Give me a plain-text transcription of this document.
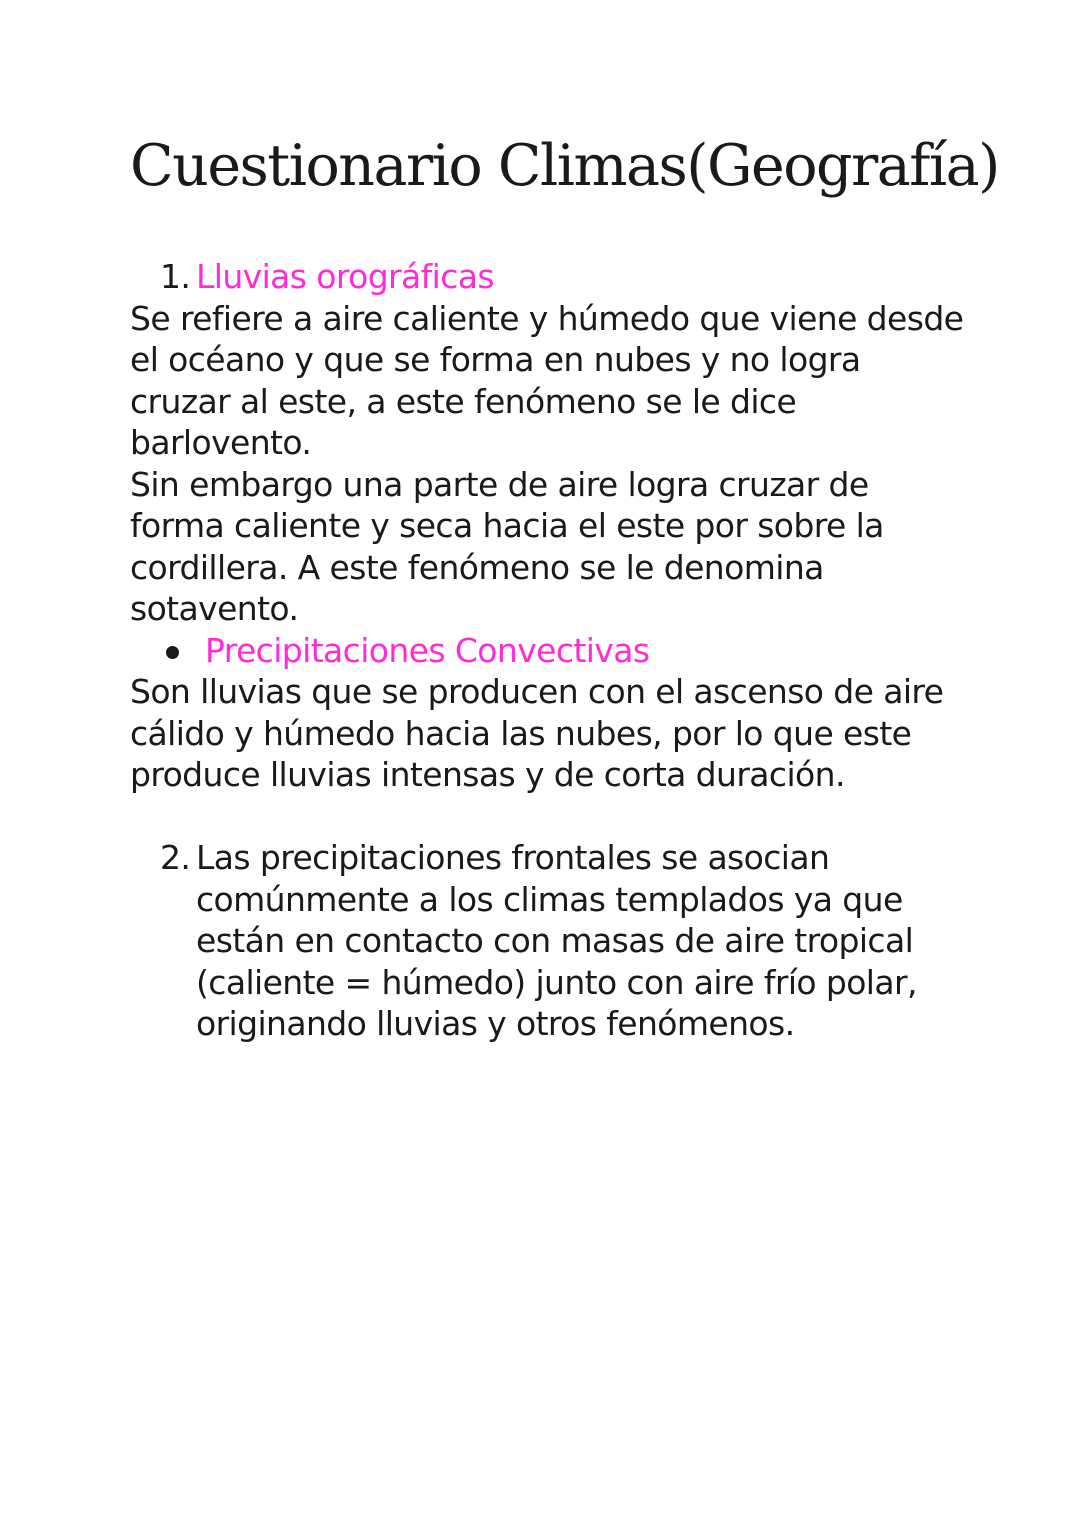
Cuestionario Climas(Geografía)
1. Lluvias orográficas

Se refiere a aire caliente y húmedo que viene desde el océano y que se forma en nubes y no logra cruzar al este, a este fenómeno se le dice barlovento.

Sin embargo una parte de aire logra cruzar de forma caliente y seca hacia el este por sobre la cordillera. A este fenómeno se le denomina sotavento.

Precipitaciones Convectivas

Son lluvias que se producen con el ascenso de aire cálido y húmedo hacia las nubes, por lo que este produce lluvias intensas y de corta duración.

2. Las precipitaciones frontales se asocian comúnmente a los climas templados ya que están en contacto con masas de aire tropical (caliente = húmedo) junto con aire frío polar, originando lluvias y otros fenómenos.
